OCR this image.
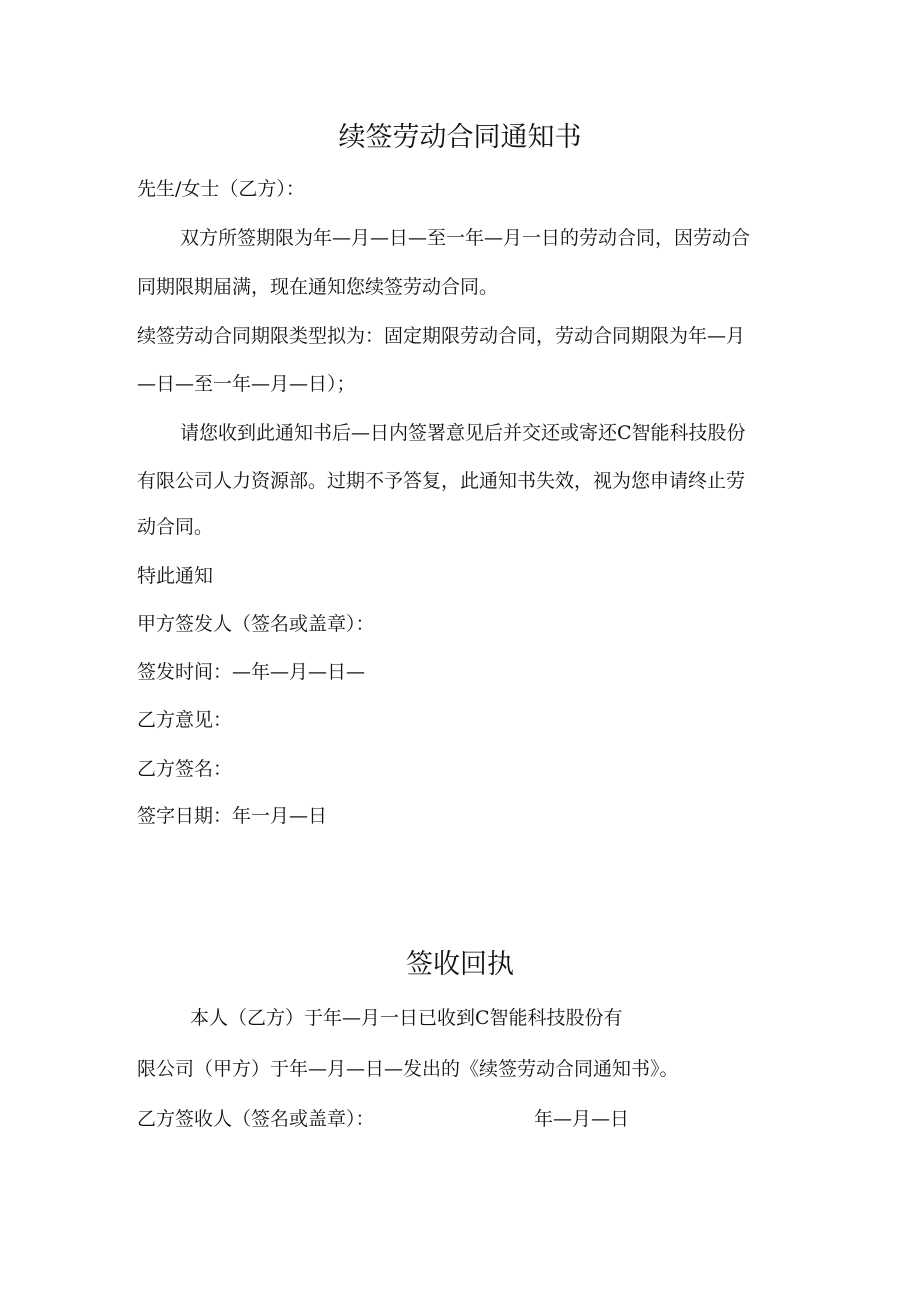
续签劳动合同通知书
先生/女士（乙方）：
双方所签期限为年—月—日—至一年—月一日的劳动合同，因劳动合
同期限期届满，现在通知您续签劳动合同。
续签劳动合同期限类型拟为：固定期限劳动合同，劳动合同期限为年—月
—日—至一年—月—日）；
请您收到此通知书后—日内签署意见后并交还或寄还C智能科技股份
有限公司人力资源部。过期不予答复，此通知书失效，视为您申请终止劳
动合同。
特此通知
甲方签发人（签名或盖章）：
签发时间：—年—月—日—
乙方意见：
乙方签名：
签字日期：年一月—日
签收回执
本人（乙方）于年—月一日已收到C智能科技股份有
限公司（甲方）于年—月—日—发出的《续签劳动合同通知书》。
乙方签收人（签名或盖章）：	年—月—日
